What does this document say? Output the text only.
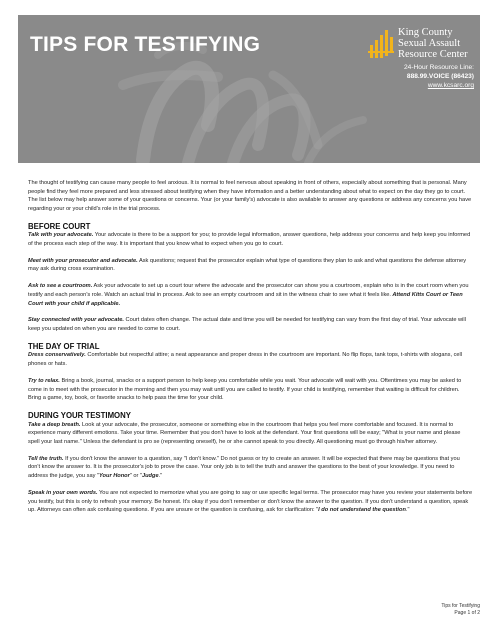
TIPS FOR TESTIFYING
King County
Sexual Assault
Resource Center
24-Hour Resource Line:
888.99.VOICE (86423)
www.kcsarc.org

The thought of testifying can cause many people to feel anxious. It is normal to feel nervous about speaking in front of others, especially about something that is personal. Many people find they feel more prepared and less stressed about testifying when they have information and a better understanding about what to expect on the day they go to court. The list below may help answer some of your questions or concerns. Your (or your family's) advocate is also available to answer any questions or address any concerns you have regarding your or your child's role in the trial process.

BEFORE COURT

Talk with your advocate. Your advocate is there to be a support for you; to provide legal information, answer questions, help address your concerns and help keep you informed of the process each step of the way. It is important that you know what to expect when you go to court.

Meet with your prosecutor and advocate. Ask questions; request that the prosecutor explain what type of questions they plan to ask and what questions the defense attorney may ask during cross examination.

Ask to see a courtroom. Ask your advocate to set up a court tour where the advocate and the prosecutor can show you a courtroom, explain who is in the court room when you testify and each person's role. Watch an actual trial in process. Ask to see an empty courtroom and sit in the witness chair to see what it feels like. Attend Kitts Court or Teen Court with your child if applicable.

Stay connected with your advocate. Court dates often change. The actual date and time you will be needed for testifying can vary from the first day of trial. Your advocate will keep you updated on when you are needed to come to court.

THE DAY OF TRIAL

Dress conservatively. Comfortable but respectful attire; a neat appearance and proper dress in the courtroom are important. No flip flops, tank tops, t-shirts with slogans, cell phones or hats.

Try to relax. Bring a book, journal, snacks or a support person to help keep you comfortable while you wait. Your advocate will wait with you. Oftentimes you may be asked to come in to meet with the prosecutor in the morning and then you may wait until you are called to testify. If your child is testifying, remember that waiting is difficult for children. Bring a game, toy, book, or favorite snacks to help pass the time for your child.

DURING YOUR TESTIMONY

Take a deep breath. Look at your advocate, the prosecutor, someone or something else in the courtroom that helps you feel more comfortable and focused. It is normal to experience many different emotions. Take your time. Remember that you don't have to look at the defendant. Your first questions will be easy; "What is your name and please spell your last name." Unless the defendant is pro se (representing oneself), he or she cannot speak to you directly. All questioning must go through his/her attorney.

Tell the truth. If you don't know the answer to a question, say "I don't know." Do not guess or try to create an answer. It will be expected that there may be questions that you don't know the answer to. It is the prosecutor's job to prove the case. Your only job is to tell the truth and answer the questions to the best of your knowledge. If you need to address the judge, you say "Your Honor" or "Judge."

Speak in your own words. You are not expected to memorize what you are going to say or use specific legal terms. The prosecutor may have you review your statements before you testify, but this is only to refresh your memory. Be honest. It's okay if you don't remember or don't know the answer to the question. If you don't understand a question, speak up. Attorneys can often ask confusing questions. If you are unsure or the question is confusing, ask for clarification: "I do not understand the question."

Tips for Testifying
Page 1 of 2
